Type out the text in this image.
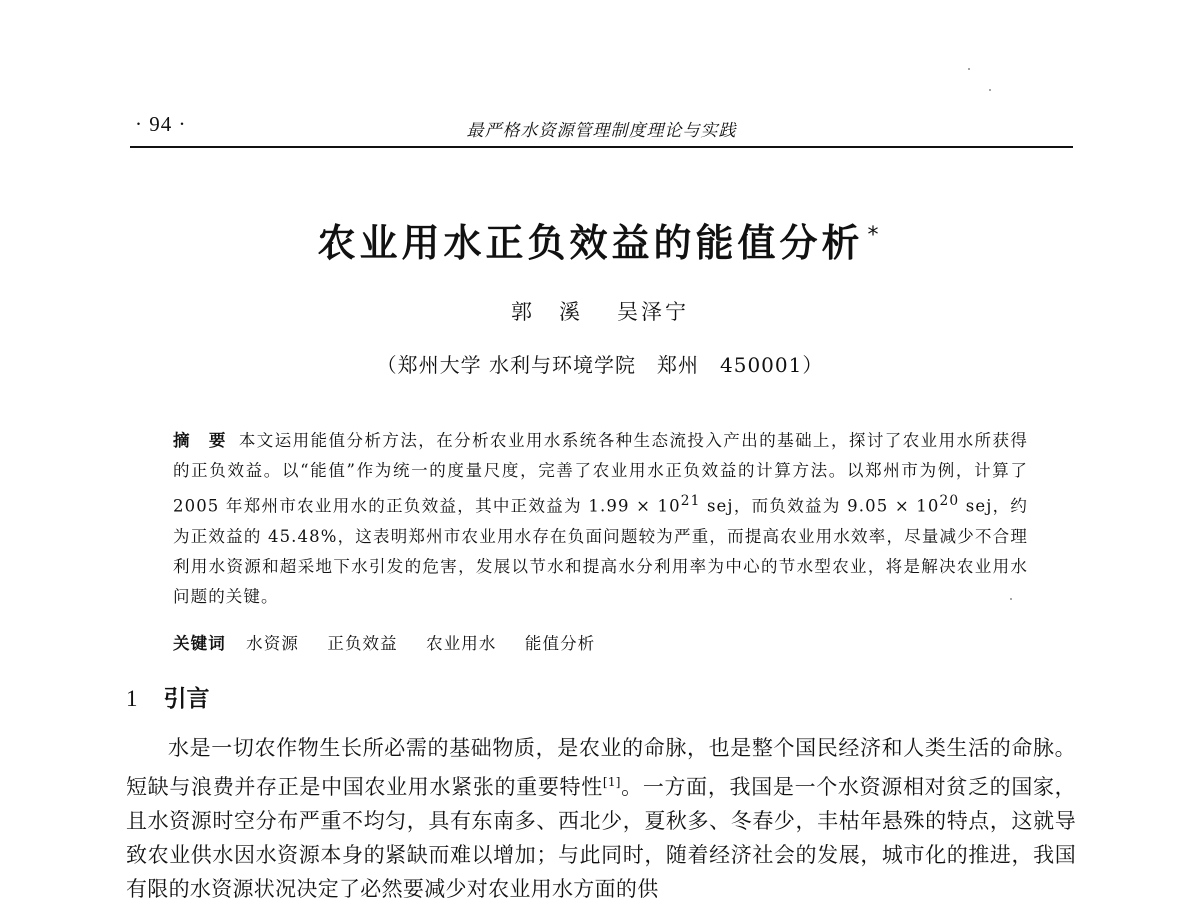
· 94 ·	最严格水资源管理制度理论与实践
农业用水正负效益的能值分析 *
郭　溪 吴泽宁
（郑州大学 水利与环境学院　郑州　450001）

摘　要 本文运用能值分析方法，在分析农业用水系统各种生态流投入产出的基础上，探讨了农业用水所获得的正负效益。以“能值”作为统一的度量尺度，完善了农业用水正负效益的计算方法。以郑州市为例，计算了 2005 年郑州市农业用水的正负效益，其中正效益为 $1.99 \times 10^{21}$ sej，而负效益为 $9.05 \times 10^{20}$ sej，约为正效益的 45.48%，这表明郑州市农业用水存在负面问题较为严重，而提高农业用水效率，尽量减少不合理利用水资源和超采地下水引发的危害，发展以节水和提高水分利用率为中心的节水型农业，将是解决农业用水问题的关键。

关键词 水资源 正负效益 农业用水 能值分析
1 引言

水是一切农作物生长所必需的基础物质，是农业的命脉，也是整个国民经济和人类生活的命脉。短缺与浪费并存正是中国农业用水紧张的重要特性[1]。一方面，我国是一个水资源相对贫乏的国家，且水资源时空分布严重不均匀，具有东南多、西北少，夏秋多、冬春少，丰枯年悬殊的特点，这就导致农业供水因水资源本身的紧缺而难以增加；与此同时，随着经济社会的发展，城市化的推进，我国有限的水资源状况决定了必然要减少对农业用水方面的供
